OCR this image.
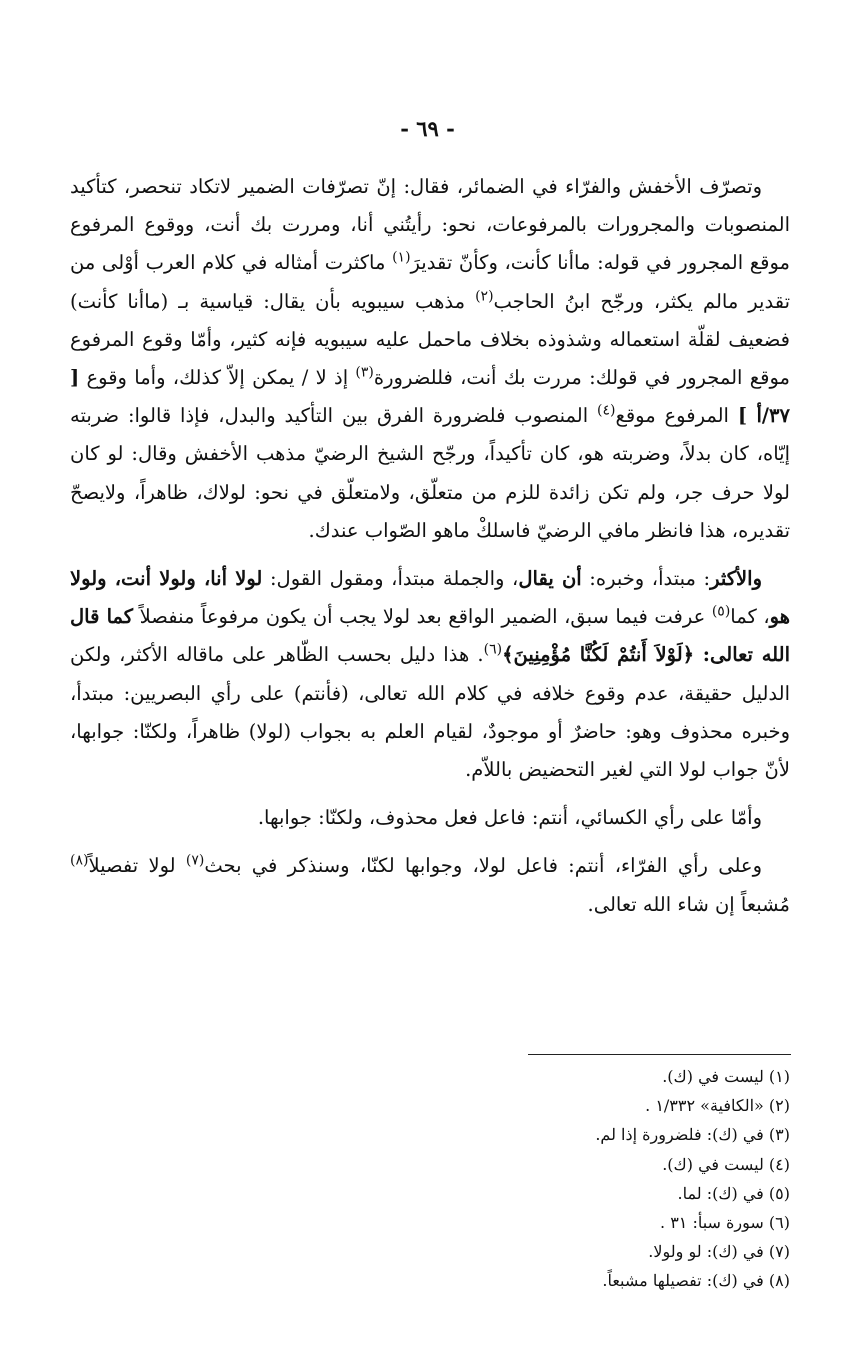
- ٦٩ -

وتصرّف الأخفش والفرّاء في الضمائر، فقال: إنّ تصرّفات الضمير لاتكاد تنحصر، كتأكيد المنصوبات والمجرورات بالمرفوعات، نحو: رأيتُني أنا، ومررت بك أنت، ووقوع المرفوع موقع المجرور في قوله: ماأنا كأنت، وكأنّ تقديرَ$^{(١)}$ ماكثرت أمثاله في كلام العرب أوْلى من تقدير مالم يكثر، ورجّح ابنُ الحاجب$^{(٢)}$ مذهب سيبويه بأن يقال: قياسية بـ (ماأنا كأنت) فضعيف لقلّة استعماله وشذوذه بخلاف ماحمل عليه سيبويه فإنه كثير، وأمّا وقوع المرفوع موقع المجرور في قولك: مررت بك أنت، فللضرورة$^{(٣)}$ إذ لا / يمكن إلاّ كذلك، وأما وقوع [ ٣٧/أ ] المرفوع موقع$^{(٤)}$ المنصوب فلضرورة الفرق بين التأكيد والبدل، فإذا قالوا: ضربته إيّاه، كان بدلاً، وضربته هو، كان تأكيداً، ورجّح الشيخ الرضيّ مذهب الأخفش وقال: لو كان لولا حرف جر، ولم تكن زائدة للزم من متعلّق، ولامتعلّق في نحو: لولاك، ظاهراً، ولايصحّ تقديره، هذا فانظر مافي الرضيّ فاسلكْ ماهو الصّواب عندك.

والأكثر: مبتدأ، وخبره: أن يقال، والجملة مبتدأ، ومقول القول: لولا أنا، ولولا أنت، ولولا هو، كما$^{(٥)}$ عرفت فيما سبق، الضمير الواقع بعد لولا يجب أن يكون مرفوعاً منفصلاً كما قال الله تعالى: ﴿لَوْلاَ أَنتُمْ لَكُنَّا مُؤْمِنِينَ﴾$^{(٦)}$. هذا دليل بحسب الظّاهر على ماقاله الأكثر، ولكن الدليل حقيقة، عدم وقوع خلافه في كلام الله تعالى، (فأنتم) على رأي البصريين: مبتدأ، وخبره محذوف وهو: حاضرٌ أو موجودٌ، لقيام العلم به بجواب (لولا) ظاهراً، ولكنّا: جوابها، لأنّ جواب لولا التي لغير التحضيض باللاّم.

وأمّا على رأي الكسائي، أنتم: فاعل فعل محذوف، ولكنّا: جوابها.

وعلى رأي الفرّاء، أنتم: فاعل لولا، وجوابها لكنّا، وسنذكر في بحث$^{(٧)}$ لولا تفصيلاً$^{(٨)}$ مُشبعاً إن شاء الله تعالى.

(١) ليست في (ك).

(٢) «الكافية» ١/٣٣٢ .

(٣) في (ك): فلضرورة إذا لم.

(٤) ليست في (ك).

(٥) في (ك): لما.

(٦) سورة سبأ: ٣١ .

(٧) في (ك): لو ولولا.

(٨) في (ك): تفصيلها مشبعاً.
